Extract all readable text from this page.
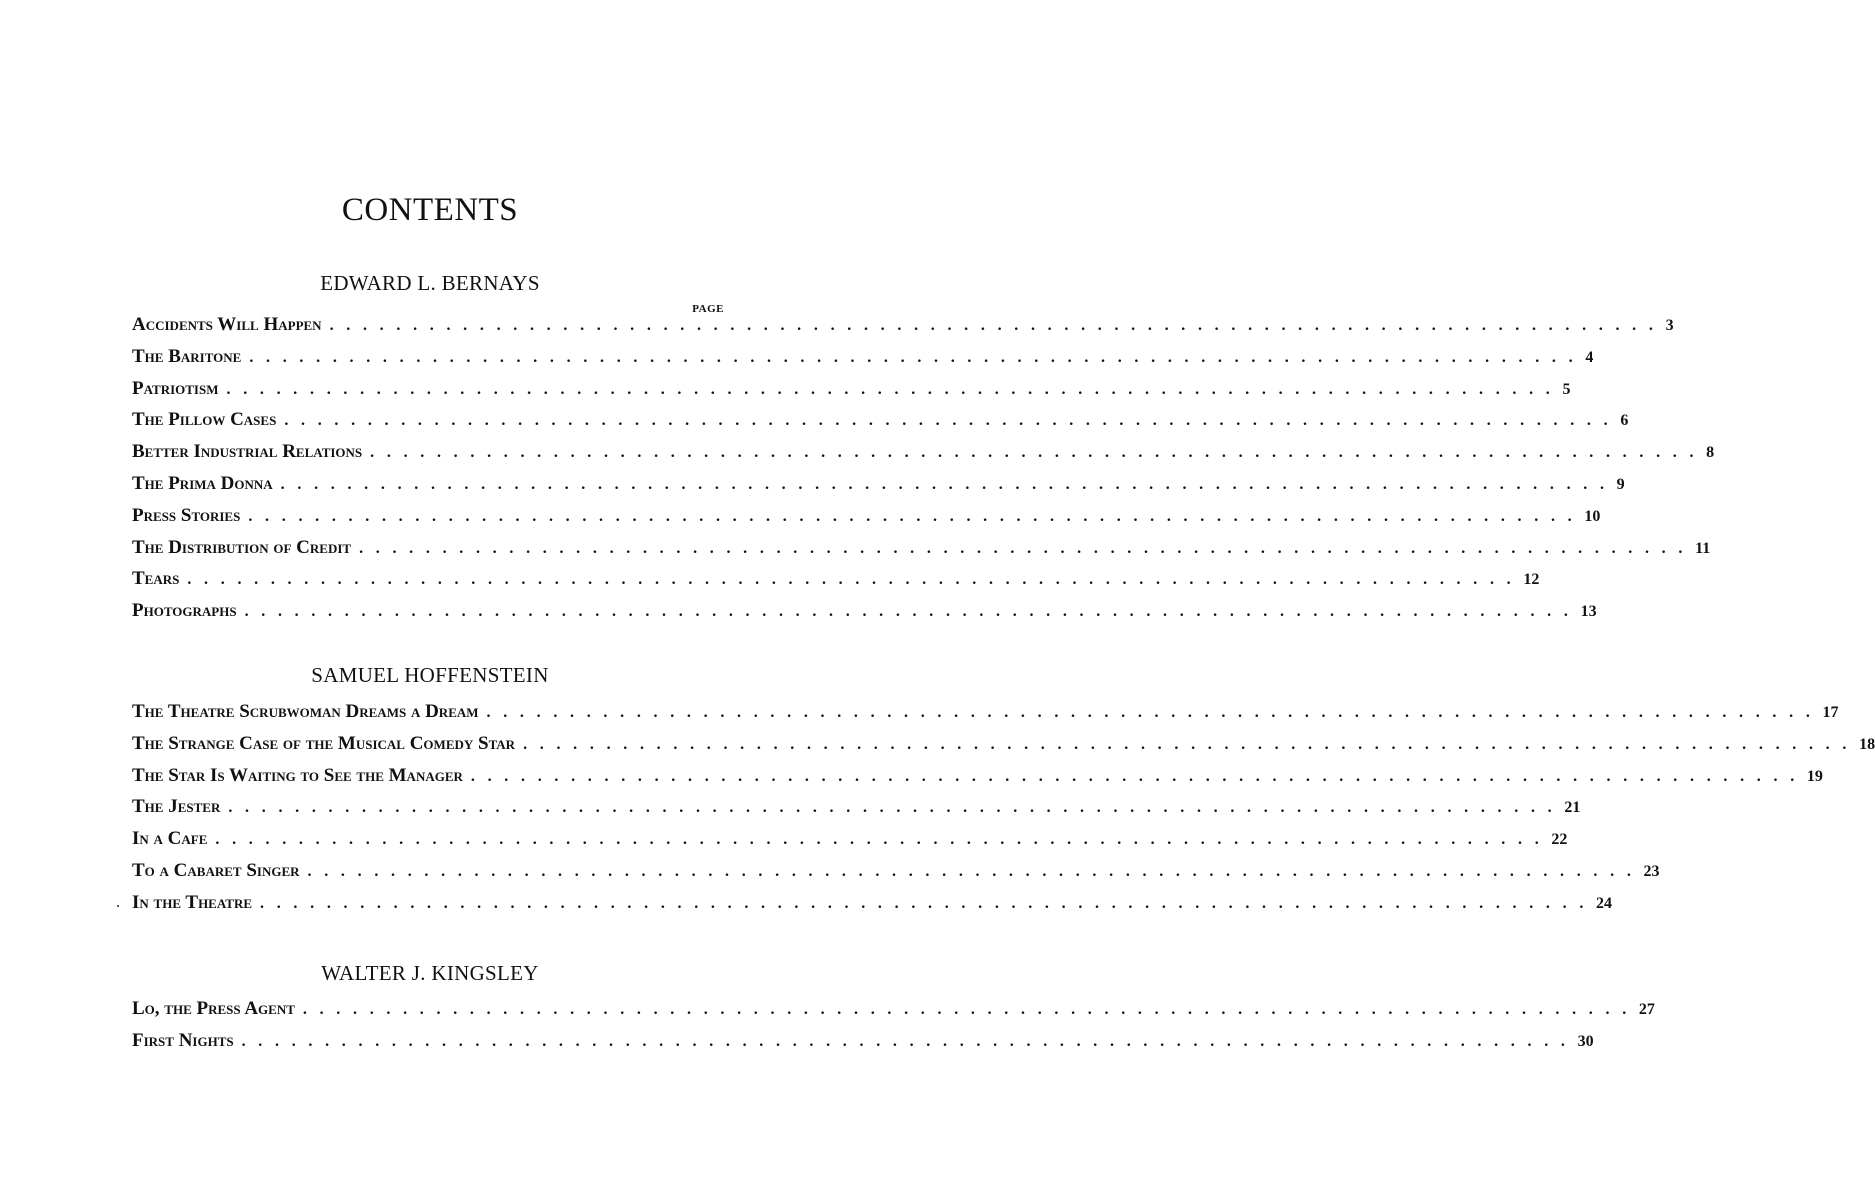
CONTENTS
EDWARD L. BERNAYS
PAGE
Accidents Will Happen ................................................................................ 3
The Baritone ................................................................................ 4
Patriotism ................................................................................ 5
The Pillow Cases ................................................................................ 6
Better Industrial Relations ................................................................................ 8
The Prima Donna ................................................................................ 9
Press Stories ................................................................................ 10
The Distribution of Credit ................................................................................ 11
Tears ................................................................................ 12
Photographs ................................................................................ 13
SAMUEL HOFFENSTEIN
The Theatre Scrubwoman Dreams a Dream ................................................................................ 17
The Strange Case of the Musical Comedy Star ................................................................................ 18
The Star Is Waiting to See the Manager ................................................................................ 19
The Jester ................................................................................ 21
In a Cafe ................................................................................ 22
To a Cabaret Singer ................................................................................ 23
In the Theatre ................................................................................ 24
WALTER J. KINGSLEY
Lo, the Press Agent ................................................................................ 27
First Nights ................................................................................ 30
·
